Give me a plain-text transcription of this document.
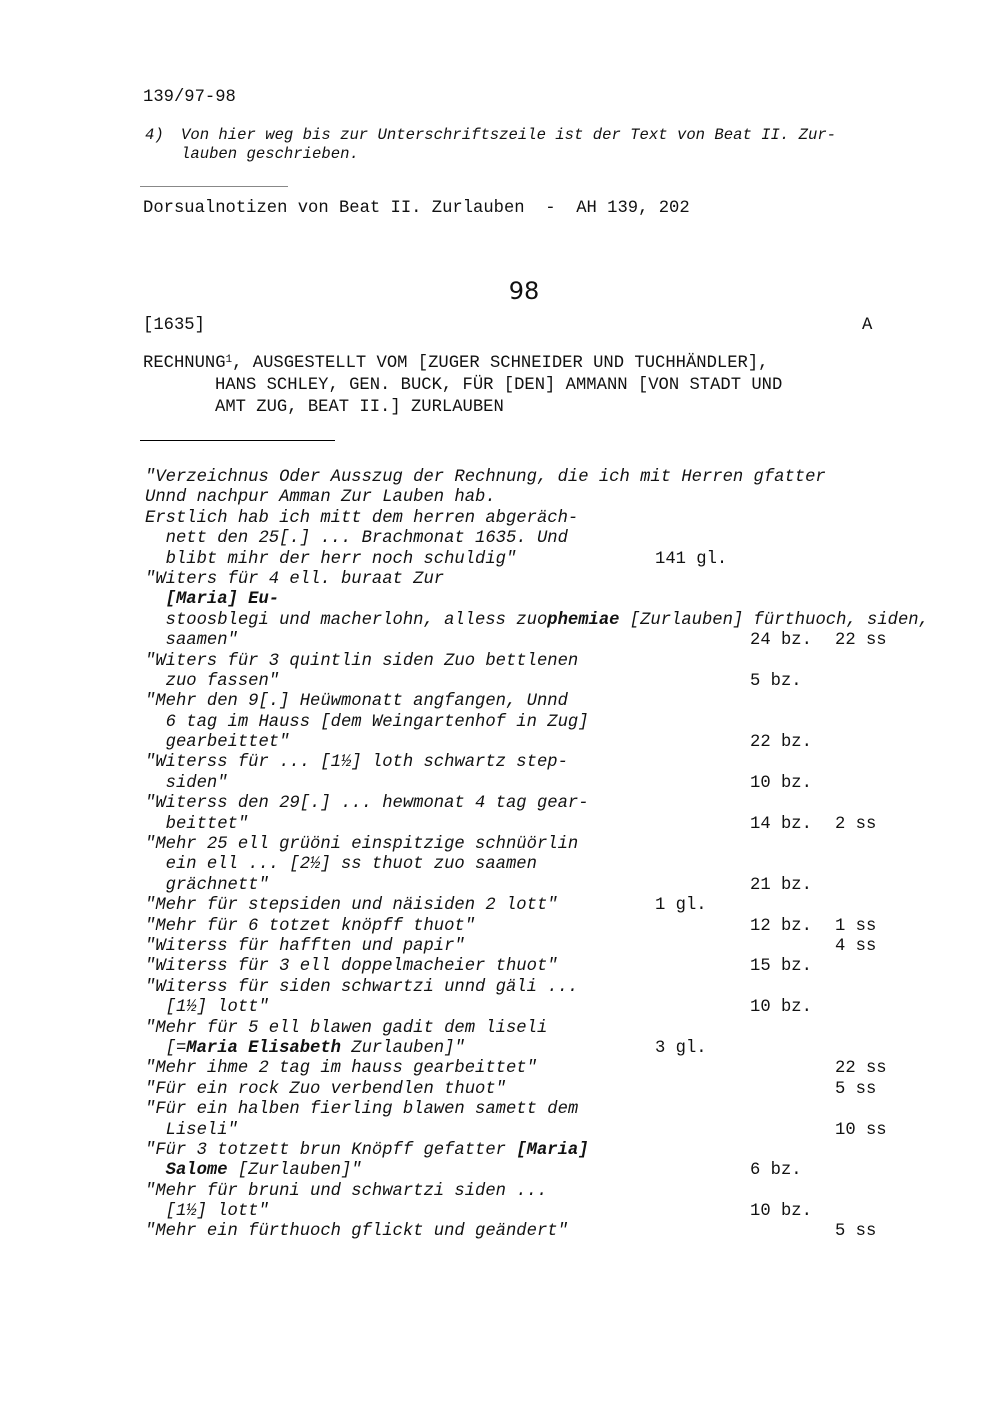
139/97-98
4) Von hier weg bis zur Unterschriftszeile ist der Text von Beat II. Zur-
lauben geschrieben.
Dorsualnotizen von Beat II. Zurlauben  -  AH 139, 202
98
[1635]	A
RECHNUNG$^1$, AUSGESTELLT VOM [ZUGER SCHNEIDER UND TUCHHÄNDLER],
HANS SCHLEY, GEN. BUCK, FÜR [DEN] AMMANN [VON STADT UND
AMT ZUG, BEAT II.] ZURLAUBEN
"Verzeichnus Oder Ausszug der Rechnung, die ich mit Herren gfatter
Unnd nachpur Amman Zur Lauben hab.
Erstlich hab ich mitt dem herren abgeräch-
nett den 25[.] ... Brachmonat 1635. Und
blibt mihr der herr noch schuldig"	141 gl.
"Witers für 4 ell. buraat Zur
[Maria] Eu-
stoosblegi und macherlohn, alless zuophemiae [Zurlauben] fürthuoch, siden,
saamen"	24 bz. 22 ss
"Witers für 3 quintlin siden Zuo bettlenen
zuo fassen"	5 bz.
"Mehr den 9[.] Heüwmonatt angfangen, Unnd
6 tag im Hauss [dem Weingartenhof in Zug]
gearbeittet"	22 bz.
"Witerss für ... [1½] loth schwartz step-
siden"	10 bz.
"Witerss den 29[.] ... hewmonat 4 tag gear-
beittet"	14 bz. 2 ss
"Mehr 25 ell grüöni einspitzige schnüörlin
ein ell ... [2½] ss thuot zuo saamen
grächnett"	21 bz.
"Mehr für stepsiden und näisiden 2 lott"	1 gl.
"Mehr für 6 totzet knöpff thuot"	12 bz. 1 ss
"Witerss für hafften und papir"	4 ss
"Witerss für 3 ell doppelmacheier thuot"	15 bz.
"Witerss für siden schwartzi unnd gäli ...
[1½] lott"	10 bz.
"Mehr für 5 ell blawen gadit dem liseli
[=Maria Elisabeth Zurlauben]"	3 gl.
"Mehr ihme 2 tag im hauss gearbeittet"	22 ss
"Für ein rock Zuo verbendlen thuot"	5 ss
"Für ein halben fierling blawen samett dem
Liseli"	10 ss
"Für 3 totzett brun Knöpff gefatter [Maria]
Salome [Zurlauben]"	6 bz.
"Mehr für bruni und schwartzi siden ...
[1½] lott"	10 bz.
"Mehr ein fürthuoch gflickt und geändert"	5 ss
